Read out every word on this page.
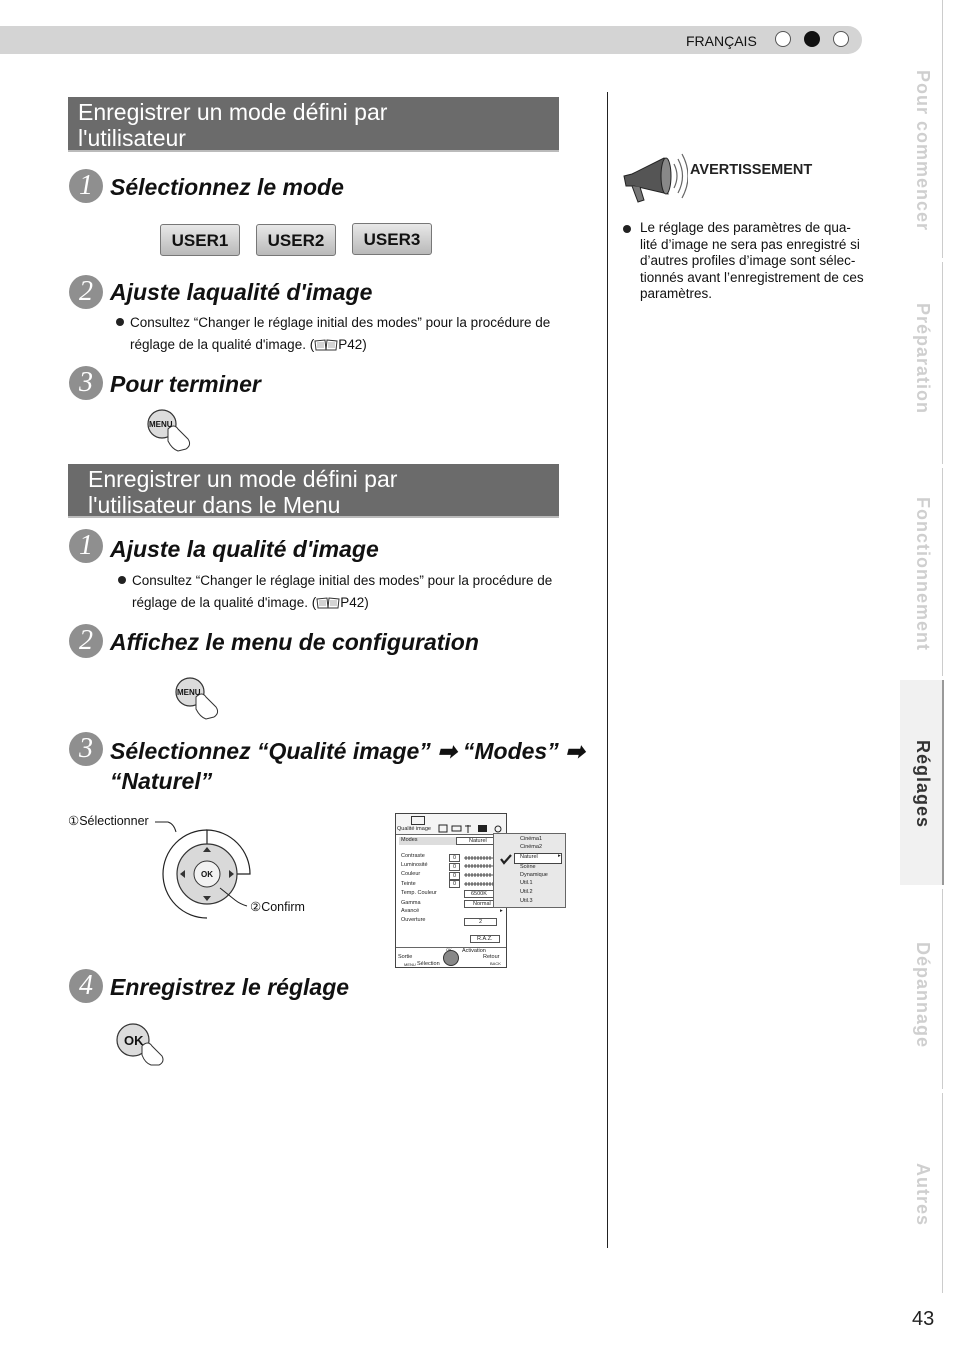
FRANÇAIS
Enregistrer un mode défini par
l'utilisateur
1 Sélectionnez le mode
USER1	USER2	USER3
2 Ajuste laqualité d'image
Consultez “Changer le réglage initial des modes” pour la procédure de
réglage de la qualité d'image. ( P42)
3 Pour terminer
MENU
Enregistrer un mode défini par
l'utilisateur dans le Menu
1 Ajuste la qualité d'image
Consultez “Changer le réglage initial des modes” pour la procédure de
réglage de la qualité d'image. ( P42)
2 Affichez le menu de configuration
MENU
3 Sélectionnez “Qualité image” ➡ “Modes” ➡
“Naturel”
①Sélectionner
②Confirm
OK
Qualité image
Modes	Naturel
Contraste	0
Luminosité	0
Couleur	0
Teinte	0
Temp. Couleur	6500K
Gamma	Normal
Avancé	▸
Ouverture	2
R.A.Z.
Sortie
MENU Sélection
Activation
OK
Retour
BACK
Cinéma1
Cinéma2
Naturel	▸
Scène
Dynamique
Util.1
Util.2
Util.3
4 Enregistrez le réglage
OK
AVERTISSEMENT
Le réglage des paramètres de qua-
lité d’image ne sera pas enregistré si
d’autres profiles d’image sont sélec-
tionnés avant l’enregistrement de ces
paramètres.
Pour commencer
Préparation
Fonctionnement
Réglages
Dépannage
Autres
43
